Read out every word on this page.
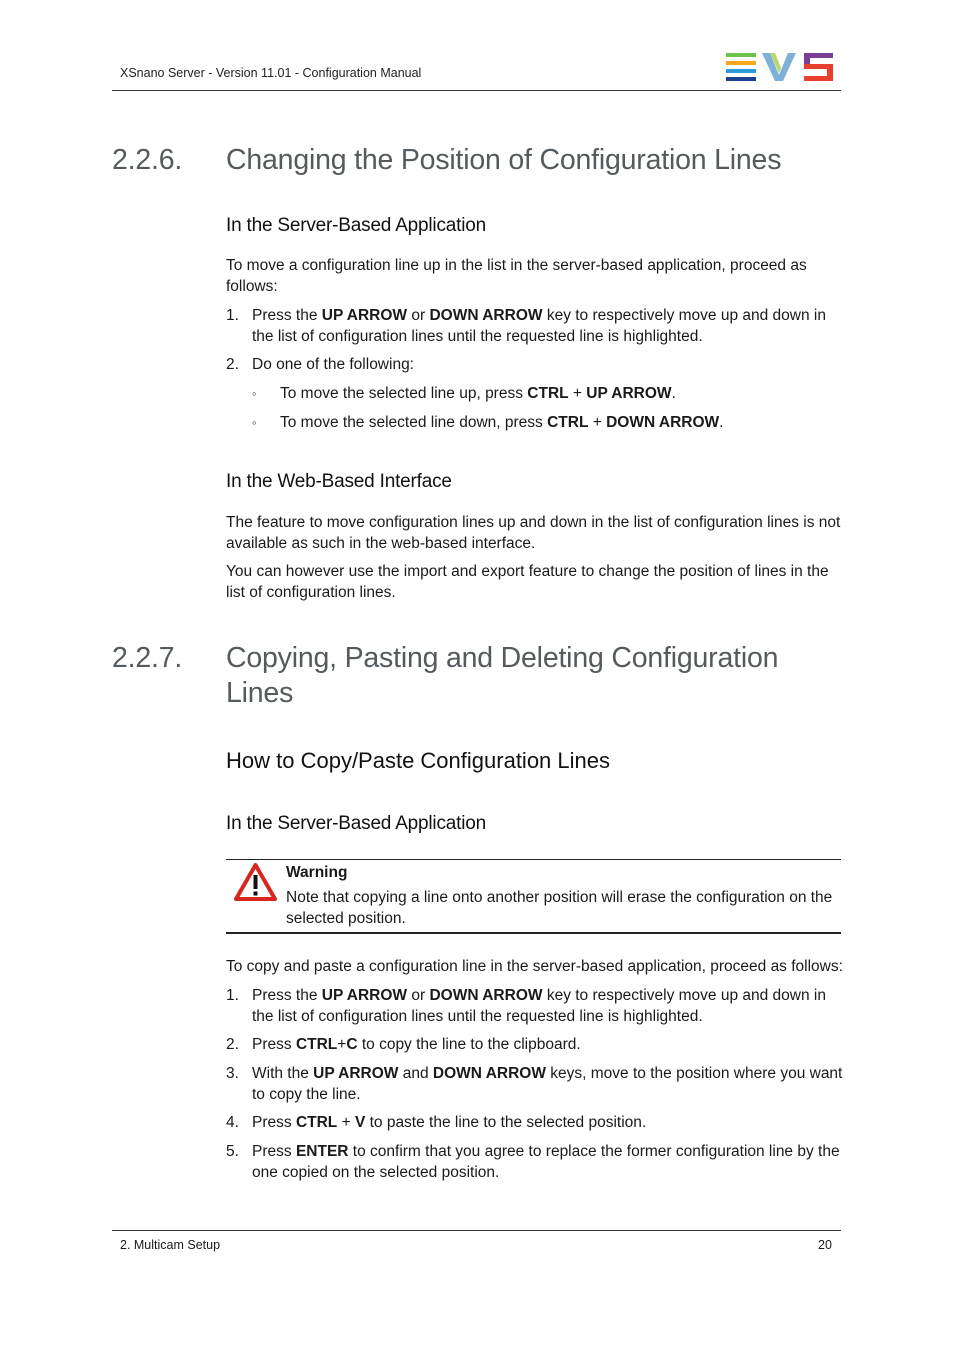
XSnano Server - Version 11.01 - Configuration Manual
2.2.6. Changing the Position of Configuration Lines
In the Server-Based Application
To move a configuration line up in the list in the server-based application, proceed as follows:
1. Press the UP ARROW or DOWN ARROW key to respectively move up and down in the list of configuration lines until the requested line is highlighted.
2. Do one of the following:
◦ To move the selected line up, press CTRL + UP ARROW.
◦ To move the selected line down, press CTRL + DOWN ARROW.
In the Web-Based Interface
The feature to move configuration lines up and down in the list of configuration lines is not available as such in the web-based interface.
You can however use the import and export feature to change the position of lines in the list of configuration lines.
2.2.7. Copying, Pasting and Deleting Configuration Lines
How to Copy/Paste Configuration Lines
In the Server-Based Application
Warning
Note that copying a line onto another position will erase the configuration on the selected position.
To copy and paste a configuration line in the server-based application, proceed as follows:
1. Press the UP ARROW or DOWN ARROW key to respectively move up and down in the list of configuration lines until the requested line is highlighted.
2. Press CTRL+C to copy the line to the clipboard.
3. With the UP ARROW and DOWN ARROW keys, move to the position where you want to copy the line.
4. Press CTRL + V to paste the line to the selected position.
5. Press ENTER to confirm that you agree to replace the former configuration line by the one copied on the selected position.
2. Multicam Setup	20
